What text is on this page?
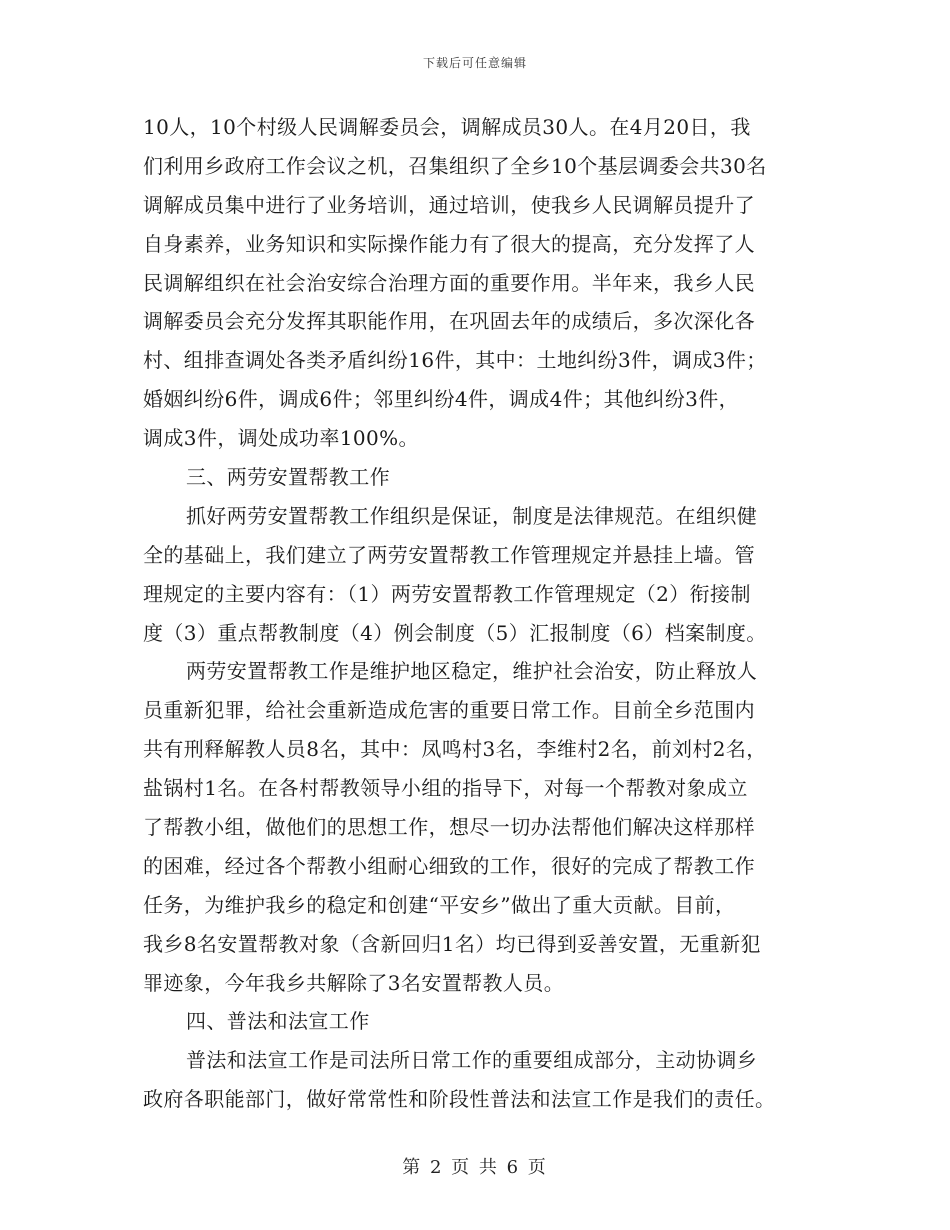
下载后可任意编辑
10人，10个村级人民调解委员会，调解成员30人。在4月20日，我
们利用乡政府工作会议之机，召集组织了全乡10个基层调委会共30名
调解成员集中进行了业务培训，通过培训，使我乡人民调解员提升了
自身素养，业务知识和实际操作能力有了很大的提高，充分发挥了人
民调解组织在社会治安综合治理方面的重要作用。半年来，我乡人民
调解委员会充分发挥其职能作用，在巩固去年的成绩后，多次深化各
村、组排查调处各类矛盾纠纷16件，其中：土地纠纷3件，调成3件；
婚姻纠纷6件，调成6件；邻里纠纷4件，调成4件；其他纠纷3件，
调成3件，调处成功率100%。
三、两劳安置帮教工作
抓好两劳安置帮教工作组织是保证，制度是法律规范。在组织健
全的基础上，我们建立了两劳安置帮教工作管理规定并悬挂上墙。管
理规定的主要内容有：（1）两劳安置帮教工作管理规定（2）衔接制
度（3）重点帮教制度（4）例会制度（5）汇报制度（6）档案制度。
两劳安置帮教工作是维护地区稳定，维护社会治安，防止释放人
员重新犯罪，给社会重新造成危害的重要日常工作。目前全乡范围内
共有刑释解教人员8名，其中：凤鸣村3名，李维村2名，前刘村2名，
盐锅村1名。在各村帮教领导小组的指导下，对每一个帮教对象成立
了帮教小组，做他们的思想工作，想尽一切办法帮他们解决这样那样
的困难，经过各个帮教小组耐心细致的工作，很好的完成了帮教工作
任务，为维护我乡的稳定和创建“平安乡”做出了重大贡献。目前，
我乡8名安置帮教对象（含新回归1名）均已得到妥善安置，无重新犯
罪迹象，今年我乡共解除了3名安置帮教人员。
四、普法和法宣工作
普法和法宣工作是司法所日常工作的重要组成部分，主动协调乡
政府各职能部门，做好常常性和阶段性普法和法宣工作是我们的责任。
第 2 页 共 6 页
